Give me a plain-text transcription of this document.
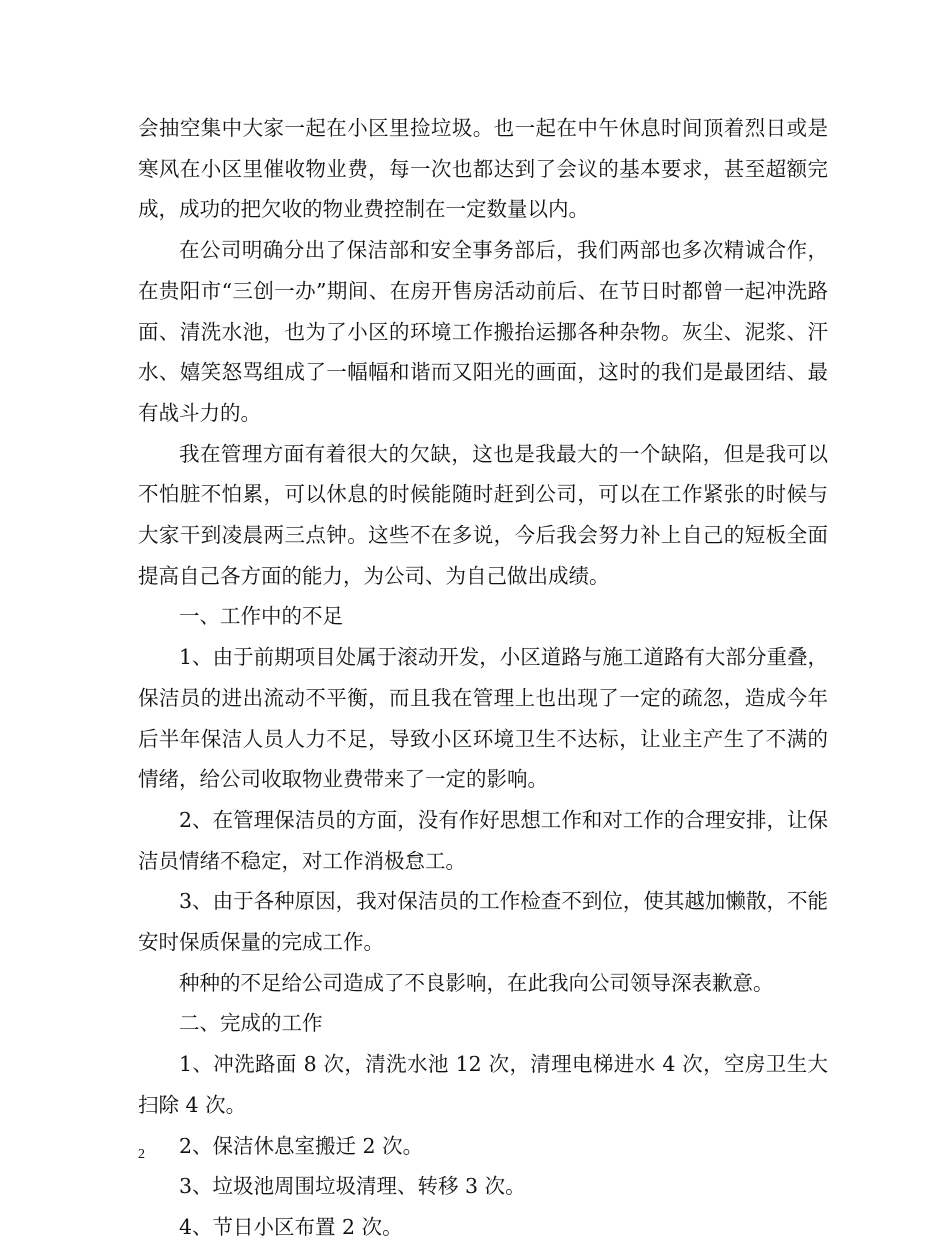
会抽空集中大家一起在小区里捡垃圾。也一起在中午休息时间顶着烈日或是寒风在小区里催收物业费，每一次也都达到了会议的基本要求，甚至超额完成，成功的把欠收的物业费控制在一定数量以内。

在公司明确分出了保洁部和安全事务部后，我们两部也多次精诚合作，在贵阳市“三创一办”期间、在房开售房活动前后、在节日时都曾一起冲洗路面、清洗水池，也为了小区的环境工作搬抬运挪各种杂物。灰尘、泥浆、汗水、嬉笑怒骂组成了一幅幅和谐而又阳光的画面，这时的我们是最团结、最有战斗力的。

我在管理方面有着很大的欠缺，这也是我最大的一个缺陷，但是我可以不怕脏不怕累，可以休息的时候能随时赶到公司，可以在工作紧张的时候与大家干到凌晨两三点钟。这些不在多说，今后我会努力补上自己的短板全面提高自己各方面的能力，为公司、为自己做出成绩。

一、工作中的不足

1、由于前期项目处属于滚动开发，小区道路与施工道路有大部分重叠，保洁员的进出流动不平衡，而且我在管理上也出现了一定的疏忽，造成今年后半年保洁人员人力不足，导致小区环境卫生不达标，让业主产生了不满的情绪，给公司收取物业费带来了一定的影响。

2、在管理保洁员的方面，没有作好思想工作和对工作的合理安排，让保洁员情绪不稳定，对工作消极怠工。

3、由于各种原因，我对保洁员的工作检查不到位，使其越加懒散，不能安时保质保量的完成工作。

种种的不足给公司造成了不良影响，在此我向公司领导深表歉意。

二、完成的工作

1、冲洗路面 8 次，清洗水池 12 次，清理电梯进水 4 次，空房卫生大扫除 4 次。

2、保洁休息室搬迁 2 次。

3、垃圾池周围垃圾清理、转移 3 次。

4、节日小区布置 2 次。

2
